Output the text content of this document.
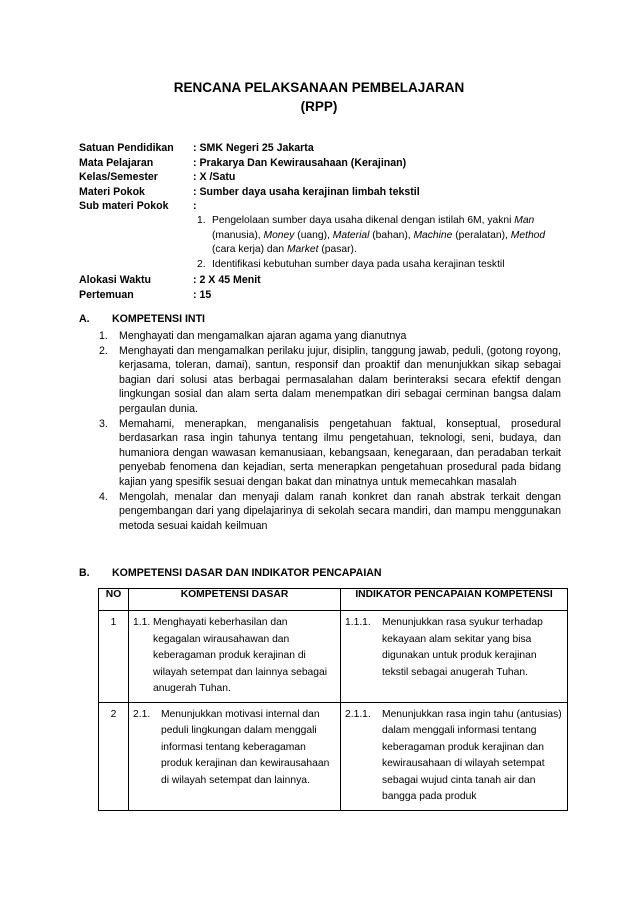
RENCANA PELAKSANAAN PEMBELAJARAN
(RPP)
Satuan Pendidikan	: SMK Negeri 25 Jakarta
Mata Pelajaran	: Prakarya Dan Kewirausahaan (Kerajinan)
Kelas/Semester	: X /Satu
Materi Pokok	: Sumber daya usaha kerajinan limbah tekstil
Sub materi Pokok	:
1. Pengelolaan sumber daya usaha dikenal dengan istilah 6M, yakni Man (manusia), Money (uang), Material (bahan), Machine (peralatan), Method (cara kerja) dan Market (pasar).
2. Identifikasi kebutuhan sumber daya pada usaha kerajinan tesktil
Alokasi Waktu	: 2 X 45 Menit
Pertemuan	: 15
A.	KOMPETENSI INTI
1.	Menghayati dan mengamalkan ajaran agama yang dianutnya
2.	Menghayati dan mengamalkan perilaku jujur, disiplin, tanggung jawab, peduli, (gotong royong, kerjasama, toleran, damai), santun, responsif dan proaktif dan menunjukkan sikap sebagai bagian dari solusi atas berbagai permasalahan dalam berinteraksi secara efektif dengan lingkungan sosial dan alam serta dalam menempatkan diri sebagai cerminan bangsa dalam pergaulan dunia.
3.	Memahami, menerapkan, menganalisis pengetahuan faktual, konseptual, prosedural berdasarkan rasa ingin tahunya tentang ilmu pengetahuan, teknologi, seni, budaya, dan humaniora dengan wawasan kemanusiaan, kebangsaan, kenegaraan, dan peradaban terkait penyebab fenomena dan kejadian, serta menerapkan pengetahuan prosedural pada bidang kajian yang spesifik sesuai dengan bakat dan minatnya untuk memecahkan masalah
4.	Mengolah, menalar dan menyaji dalam ranah konkret dan ranah abstrak terkait dengan pengembangan dari yang dipelajarinya di sekolah secara mandiri, dan mampu menggunakan metoda sesuai kaidah keilmuan
B.	KOMPETENSI DASAR DAN INDIKATOR PENCAPAIAN
NO	KOMPETENSI DASAR	INDIKATOR PENCAPAIAN KOMPETENSI
1	1.1. Menghayati keberhasilan dan kegagalan wirausahawan dan keberagaman produk kerajinan di wilayah setempat dan lainnya sebagai anugerah Tuhan.	1.1.1. Menunjukkan rasa syukur terhadap kekayaan alam sekitar yang bisa digunakan untuk produk kerajinan tekstil sebagai anugerah Tuhan.

2	2.1. Menunjukkan motivasi internal dan peduli lingkungan dalam menggali informasi tentang keberagaman produk kerajinan dan kewirausahaan di wilayah setempat dan lainnya.	2.1.1. Menunjukkan rasa ingin tahu (antusias) dalam menggali informasi tentang keberagaman produk kerajinan dan kewirausahaan di wilayah setempat sebagai wujud cinta tanah air dan bangga pada produk
